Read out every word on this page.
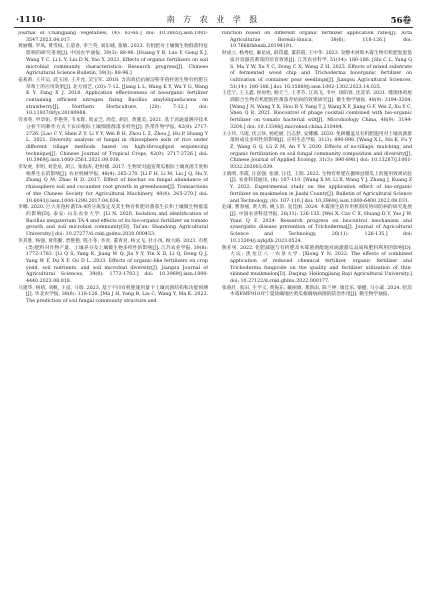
·1110·	南 方 农 业 学 报	56卷
Journal of Changjiang Vegetables, (4): 63-66.] doi: 10.3865/j.issn.1001-3547.2023.04.017.
黄丽娜, 罗凤, 黄雪权, 王道春, 李兰英, 刘东城, 张敏. 2023. 有机肥对土壤微生物群落特征影响的研究进展[J]. 中国农学通报, 39(3): 88-96. [Huang Y B, Luo F, Gong X J, Wang Y C, Li L Y, Liu D N, Yao Y. 2023. Effects of organic fertilizers on soil microbial community characteristics: Research progress[J]. Chinese Agricultural Science Bulletin, 39(3): 88-96.]
姜莉莉, 王开运, 武玉国, 王开允, 吴宝军. 2018. 含高效拮抗解淀粉芽孢杆菌生物有机肥在草莓上的应用效果[J]. 北方园艺, (20): 7-12. [Jiang L L, Wang K Y, Wu Y G, Wang K Y, Fang X J. 2018. Application effectiveness of bioorganic fertilizer containing efficient nitrogen fixing Bacillus amyloliquefaciens on strawberry[J]. Northern Horticulture, (20): 7-12.] doi: 10.11937/bfyy.20180988.
劳承英, 申章佑, 李艳英, 韦本辉, 周灵芝, 周佳, 胡泊, 黄施美. 2021. 基于高通量测序技术分析不同耕作方式下农田根际土壤细菌群落多样性[J]. 热带作物学报, 42(9): 2717-2726. [Lao C Y, Shen Z Y, Li Y Y, Wei B H, Zhou L Z, Zhou J, Hu P, Huang Y L. 2021. Diversity analysis of fungal in rhizosphere soils of rice under different tillage methods based on high-throughput sequencing technique[J]. Chinese Journal of Tropical Crops, 42(9): 2717-2726.] doi: 10.3969/j.issn.1000-2561.2021.09.038.
李发虎, 李明, 刘金泉, 胡云, 张海涛, 赵恒棣. 2017. 生物炭对温室黄瓜根际土壤真菌丰度和根系生长的影响[J]. 农业机械学报, 48(4): 265-270. [Li F H, Li M, Liu J Q, Hu Y, Zhang Q M, Zhao H D. 2017. Effect of biochar on fungal abundance of rhizosphere soil and cucumber root growth in greenhouse[J]. Transactions of the Chinese Society for Agricultural Machinery, 48(4): 265-270.] doi: 10.6041/j.issn.1000-1298.2017.04.034.
李娜. 2020. 巨大芽孢杆菌TA-4的分离鉴定及其生物有机肥对番茄生长和土壤微生物群落的影响[D]. 泰安: 山东农业大学. [Li N. 2020. Isolation and identification of Bacillus megaterium TA-4 and effects of its bio-organic fertilizer on tomato growth and soil microbial community[D]. Tai'an: Shandong Agricultural University.] doi: 10.27277/d.cnki.gsdnu.2020.000453.
李其胜, 杨强, 黄伟勤, 贾艳艳, 殷小冬, 李青, 董青君, 杨文飞, 杜小凤, 顾大路. 2023. 有机(类)肥料对作物产量、土壤养分及土壤微生物多样性的影响[J]. 江苏农业学报, 39(8): 1772-1783. [Li Q S, Yang K, Jiang W Q, Jia Y Y, Yin X D, Li Q, Dong Q J, Yang W F, Du X F, Gu D L. 2023. Effects of organic-like fertilizers on crop yield, soil nutrients, and soil microbial diversity[J]. Jiangsu Journal of Agricultural Sciences, 39(8): 1772-1783.] doi: 10.3969/j.issn.1000-4440.2023.08.018.
马建华, 杨靖, 刘帆, 王彦, 马瑞. 2023. 基于不同有机肥施用量下土壤真菌结构和功能预测[J]. 华北农学报, 38(6): 118-126. [Ma J H, Yang B, Liu C, Wang Y, Ma K. 2023. The prediction of soil fungal community structure and
function based on different organic fertilizer application rates[J]. Acta Agriculturae Boreali-Sinica, 38(6): 118-126.] doi: 10.7668/hbnxb.20194191.
时成立, 杨秀松, 麻星成, 薛印鑫, 董彩霞, 王中华. 2023. 发酵木屑和木霉生物有机肥复混基质对容器苗番茄的培育效果[J]. 江苏农业科学, 51(14): 180-186. [Shi C L, Yang G S, Ma Y W, Xu Y C, Dong C X, Wang Z H. 2023. Effects of mixed substrate of fermented wood chip and Trichoderma bioorganic fertilizer on cultivation of container pear seedlings[J]. Jiangsu Agricultural Sciences, 51(14): 180-186.] doi: 10.15889/j.issn.1002-1302.2023.14.025.
王佳宁, 王玉鑫, 侯如怡, 杨天兰, 王孝芬, 江高飞, 韦中, 徐阳春, 沈其荣. 2021. 噬菌体鸡尾酒联合生物有机肥防控番茄青枯病的效果研究[J]. 微生物学通报, 48(9): 3194-3204. [Wang J N, Wang Y X, Hou R Y, Yang T J, Wang X F, Jiang G F, Wei Z, Xu Y C, Shen Q R. 2021. Biocontrol of phage cocktail combined with bio-organic fertilizer on tomato bacterial wilt[J]. Microbiology China, 48(9): 3194-3204.] doi: 10.13344/j.microbiol.china.210484.
王小玲, 马琨, 伏云珍, 杨桂丽, 吕志梦, 安娜娜. 2020. 免耕覆盖及有机肥施用对土壤真菌群落组成及多样性的影响[J]. 应用生态学报, 31(3): 890-898. [Wang X L, Ma K, Fu Y Z, Wang G Q, Lü Z M, An Y Y. 2020. Effects of no-tillage, mulching, and organic fertilization on soil fungal community composition and diversity[J]. Chinese Journal of Applied Ecology, 31(3): 890-898.] doi: 10.13287/j.1001-9332.202003.039.
王晓明, 李霞, 汪富强, 张蕾, 汪佳, 王瑞. 2022. 生物有机肥在伽师县甜瓜上的施用效果试验[J]. 农业科技通讯, (8): 107-110. [Wang X M, Li X, Wang Y J, Zhang J, Kuang Z Y. 2022. Experimental study on the application effect of bio-organic fertilizer on muskmelon in Jiashi County[J]. Bulletin of Agricultural Science and Technology, (8): 107-110.] doi: 10.3969/j.issn.1000-6400.2022.08.031.
危谦, 曹春丽, 黄大辉, 姚玉浒, 袁佳丽. 2024. 木霉菌生防作用机制及协同防病的研究进展[J]. 中国农业科技导报, 26(11): 126-135. [Wei X, Cao C X, Huang D Y, Yao J W, Yuan Q F. 2024. Research progress on biocontrol mechanism and synergistic disease prevention of Trichoderma[J]. Journal of Agricultural Science and Technology, 26(11): 126-135.] doi: 10.13304/j.nykjdb.2023.0524.
熊亚男. 2022. 化肥减施与有机肥及木霉菌剂配施对滴灌甜瓜品质和肥料利用的影响[D]. 大庆: 黑龙江八一农垦大学. [Xiong Y N. 2022. The effects of combined application of reduced chemical fertilizer, organic fertilizer and Trichoderma fungicide on the quality and fertilizer utilization of thin-skinned muskmelon[D]. Daqing: Heilongjiang Bayi Agricultural University.] doi: 10.27122/d.cnki.ghlnu.2022.000177.
张晓壮, 张田, 生学义, 黄振东, 戴丽旗, 龚新雨, 陈兰婷, 康佳乐, 梁健, 马小戚. 2024. 哈茨木霉EMF910对宁夏盐碱地区黄瓜根腐病病菌的防治作用[J]. 微生物学通报,
